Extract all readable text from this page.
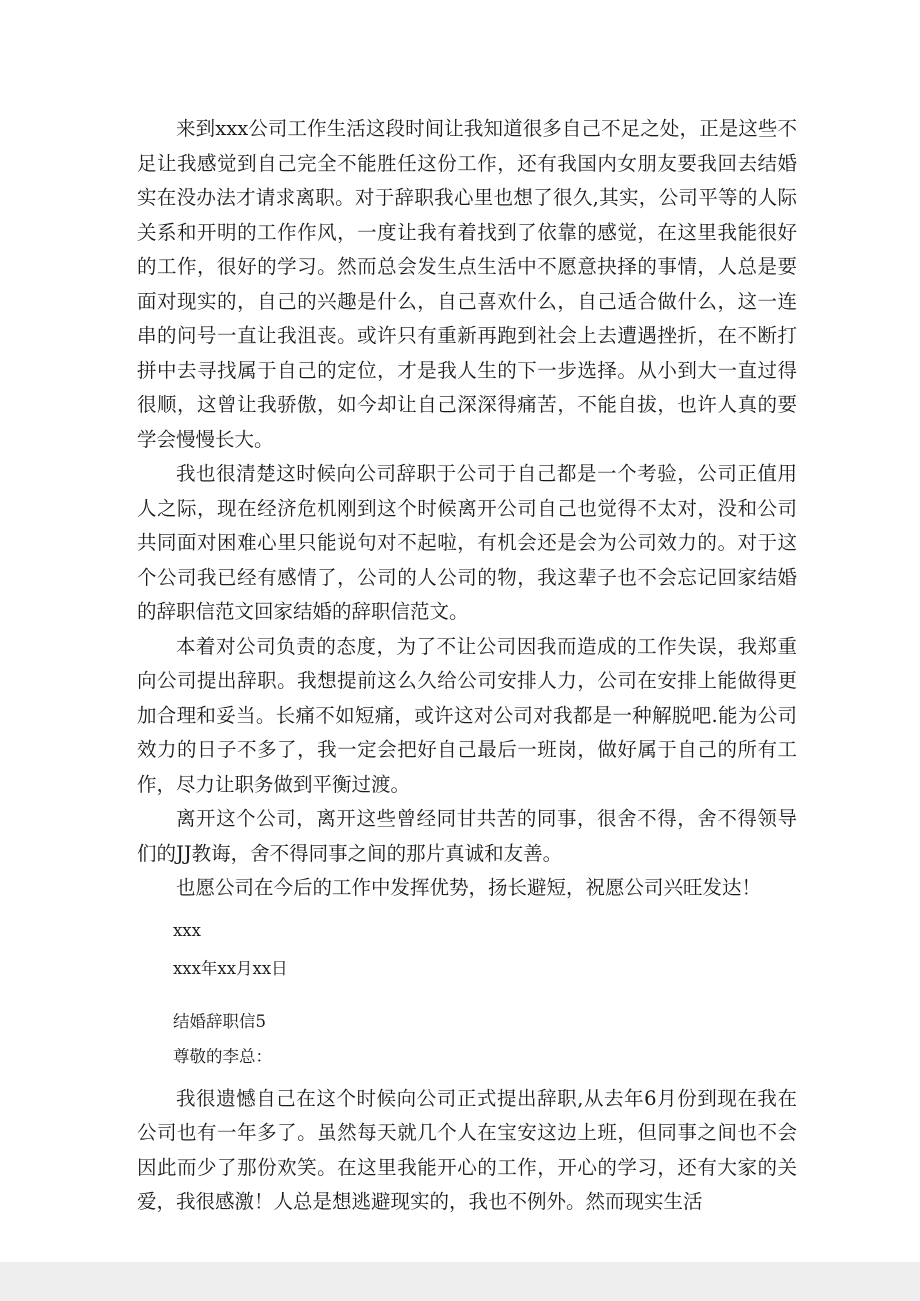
来到xxx公司工作生活这段时间让我知道很多自己不足之处，正是这些不足让我感觉到自己完全不能胜任这份工作，还有我国内女朋友要我回去结婚实在没办法才请求离职。对于辞职我心里也想了很久,其实，公司平等的人际关系和开明的工作作风，一度让我有着找到了依靠的感觉，在这里我能很好的工作，很好的学习。然而总会发生点生活中不愿意抉择的事情，人总是要面对现实的，自己的兴趣是什么，自己喜欢什么，自己适合做什么，这一连串的问号一直让我沮丧。或许只有重新再跑到社会上去遭遇挫折，在不断打拼中去寻找属于自己的定位，才是我人生的下一步选择。从小到大一直过得很顺，这曾让我骄傲，如今却让自己深深得痛苦，不能自拔，也许人真的要学会慢慢长大。

我也很清楚这时候向公司辞职于公司于自己都是一个考验，公司正值用人之际，现在经济危机刚到这个时候离开公司自己也觉得不太对，没和公司共同面对困难心里只能说句对不起啦，有机会还是会为公司效力的。对于这个公司我已经有感情了，公司的人公司的物，我这辈子也不会忘记回家结婚的辞职信范文回家结婚的辞职信范文。

本着对公司负责的态度，为了不让公司因我而造成的工作失误，我郑重向公司提出辞职。我想提前这么久给公司安排人力，公司在安排上能做得更加合理和妥当。长痛不如短痛，或许这对公司对我都是一种解脱吧.能为公司效力的日子不多了，我一定会把好自己最后一班岗，做好属于自己的所有工作，尽力让职务做到平衡过渡。

离开这个公司，离开这些曾经同甘共苦的同事，很舍不得，舍不得领导们的JJ教诲，舍不得同事之间的那片真诚和友善。

也愿公司在今后的工作中发挥优势，扬长避短，祝愿公司兴旺发达！

xxx

xxx年xx月xx日

结婚辞职信5

尊敬的李总：

我很遗憾自己在这个时候向公司正式提出辞职,从去年6月份到现在我在公司也有一年多了。虽然每天就几个人在宝安这边上班，但同事之间也不会因此而少了那份欢笑。在这里我能开心的工作，开心的学习，还有大家的关爱，我很感激！人总是想逃避现实的，我也不例外。然而现实生活
